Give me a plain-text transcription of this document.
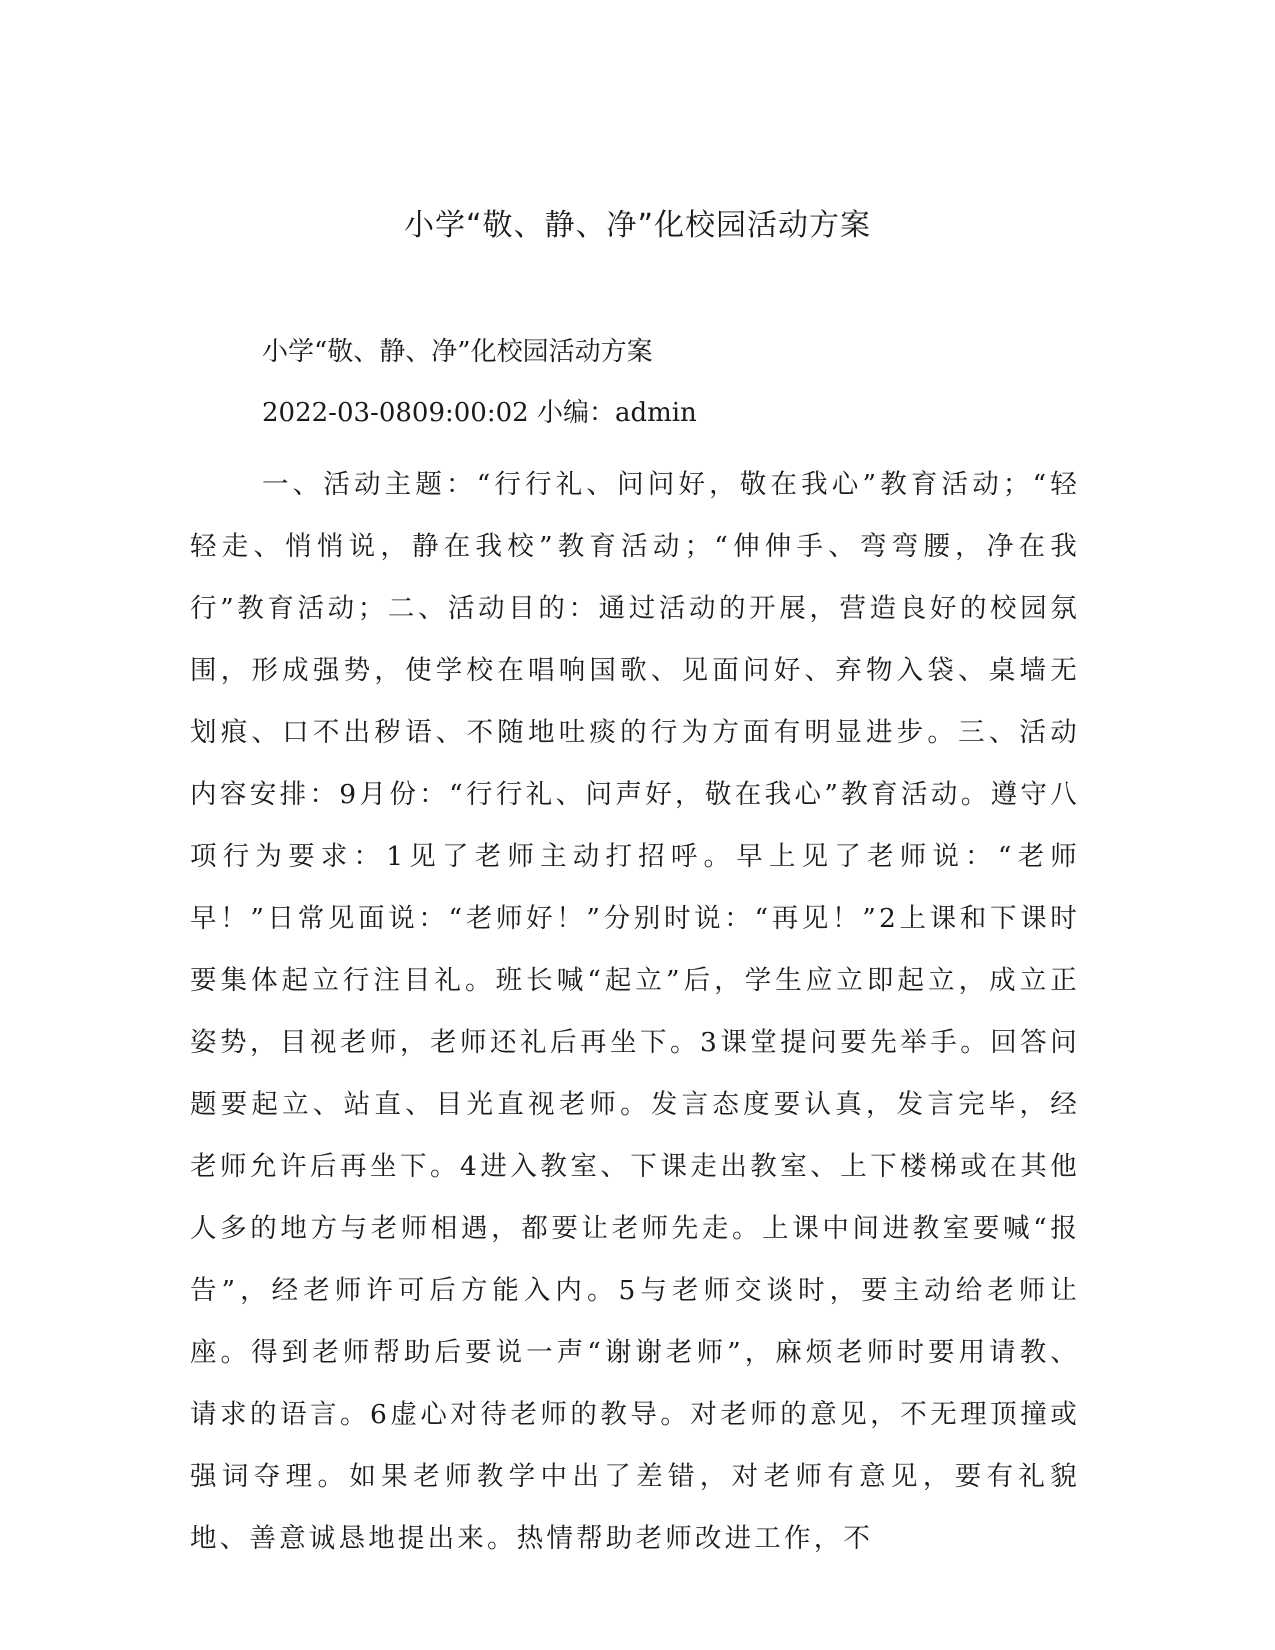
小学“敬、静、净”化校园活动方案

小学“敬、静、净”化校园活动方案

2022-03-0809:00:02 小编：admin

一、活动主题：“行行礼、问问好，敬在我心”教育活动；“轻轻走、悄悄说，静在我校”教育活动；“伸伸手、弯弯腰，净在我行”教育活动；二、活动目的：通过活动的开展，营造良好的校园氛围，形成强势，使学校在唱响国歌、见面问好、弃物入袋、桌墙无划痕、口不出秽语、不随地吐痰的行为方面有明显进步。三、活动内容安排：9月份：“行行礼、问声好，敬在我心”教育活动。遵守八项行为要求：1见了老师主动打招呼。早上见了老师说：“老师早！”日常见面说：“老师好！”分别时说：“再见！”2上课和下课时要集体起立行注目礼。班长喊“起立”后，学生应立即起立，成立正姿势，目视老师，老师还礼后再坐下。3课堂提问要先举手。回答问题要起立、站直、目光直视老师。发言态度要认真，发言完毕，经老师允许后再坐下。4进入教室、下课走出教室、上下楼梯或在其他人多的地方与老师相遇，都要让老师先走。上课中间进教室要喊“报告”，经老师许可后方能入内。5与老师交谈时，要主动给老师让座。得到老师帮助后要说一声“谢谢老师”，麻烦老师时要用请教、请求的语言。6虚心对待老师的教导。对老师的意见，不无理顶撞或强词夺理。如果老师教学中出了差错，对老师有意见，要有礼貌地、善意诚恳地提出来。热情帮助老师改进工作，不
